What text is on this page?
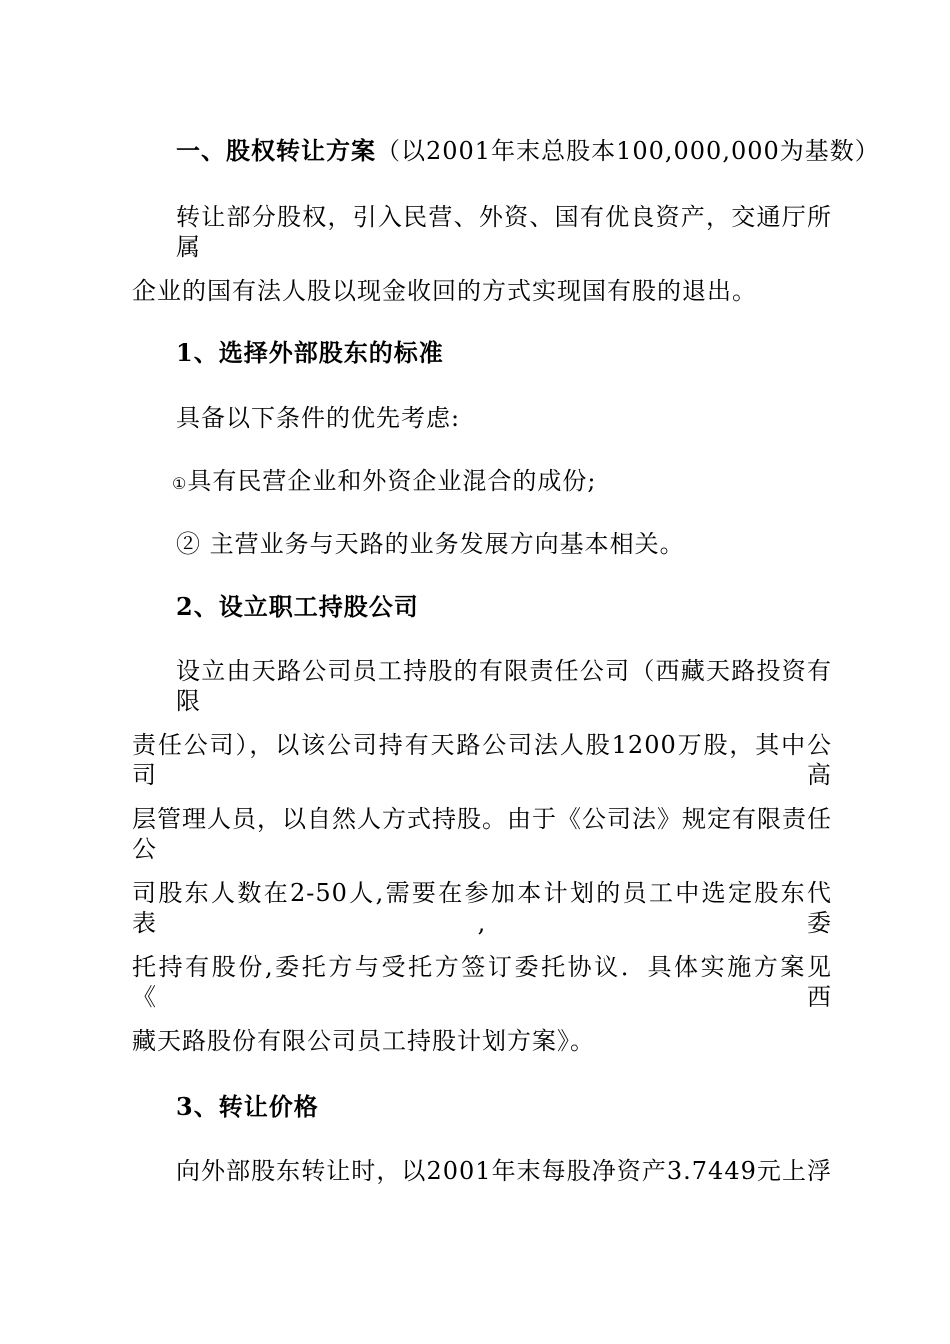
一、股权转让方案（以2001年末总股本100,000,000为基数）
转让部分股权，引入民营、外资、国有优良资产，交通厅所属
企业的国有法人股以现金收回的方式实现国有股的退出。
1、选择外部股东的标准
具备以下条件的优先考虑:
①具有民营企业和外资企业混合的成份;
② 主营业务与天路的业务发展方向基本相关。
2、设立职工持股公司
设立由天路公司员工持股的有限责任公司（西藏天路投资有限
责任公司），以该公司持有天路公司法人股1200万股，其中公司高
层管理人员，以自然人方式持股。由于《公司法》规定有限责任公
司股东人数在2-50人,需要在参加本计划的员工中选定股东代表,委
托持有股份,委托方与受托方签订委托协议．具体实施方案见《西
藏天路股份有限公司员工持股计划方案》。
3、转让价格
向外部股东转让时，以2001年末每股净资产3.7449元上浮
